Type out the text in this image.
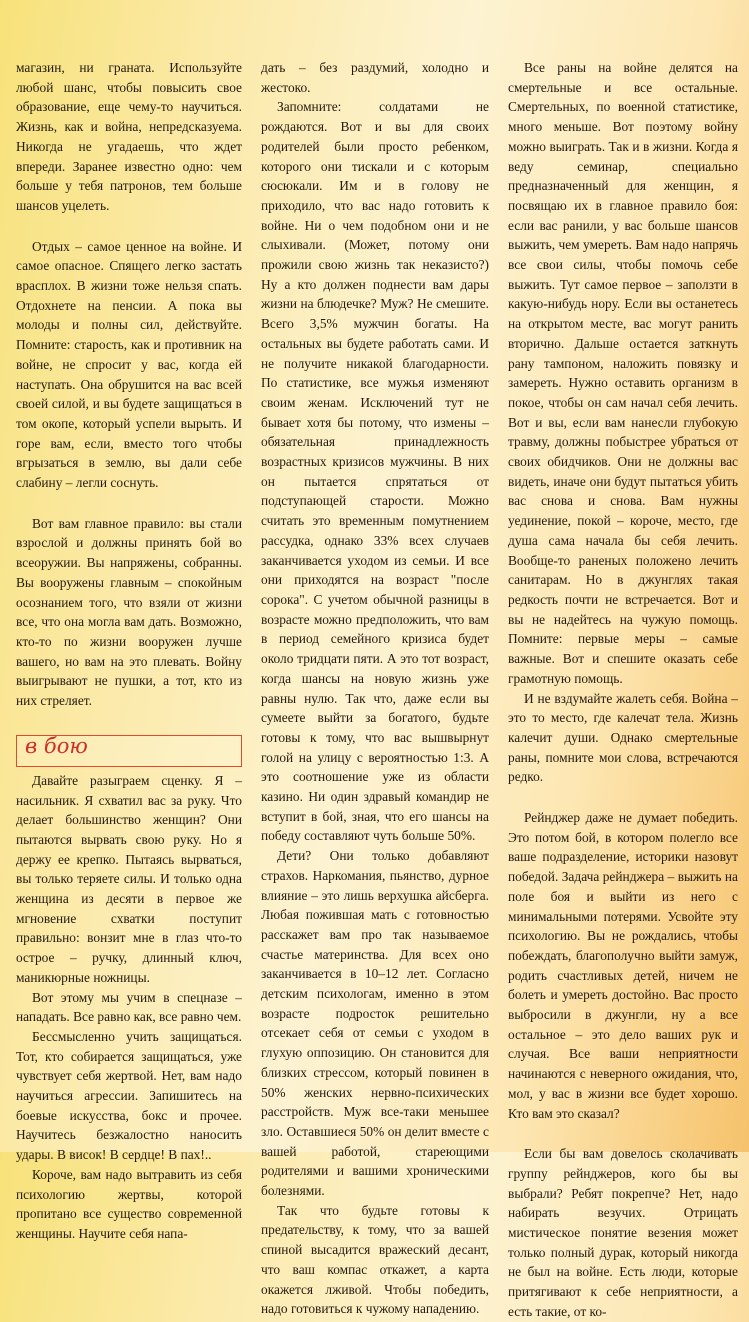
магазин, ни граната. Используйте любой шанс, чтобы повысить свое образование, еще чему-то научиться. Жизнь, как и война, непредсказуема. Никогда не угадаешь, что ждет впереди. Заранее известно одно: чем больше у тебя патронов, тем больше шансов уцелеть.

Отдых – самое ценное на войне. И самое опасное. Спящего легко застать врасплох. В жизни тоже нельзя спать. Отдохнете на пенсии. А пока вы молоды и полны сил, действуйте. Помните: старость, как и противник на войне, не спросит у вас, когда ей наступать. Она обрушится на вас всей своей силой, и вы будете защищаться в том окопе, который успели вырыть. И горе вам, если, вместо того чтобы вгрызаться в землю, вы дали себе слабину – легли соснуть.

Вот вам главное правило: вы стали взрослой и должны принять бой во всеоружии. Вы напряжены, собранны. Вы вооружены главным – спокойным осознанием того, что взяли от жизни все, что она могла вам дать. Возможно, кто-то по жизни вооружен лучше вашего, но вам на это плевать. Войну выигрывают не пушки, а тот, кто из них стреляет.

в бою

Давайте разыграем сценку. Я – насильник. Я схватил вас за руку. Что делает большинство женщин? Они пытаются вырвать свою руку. Но я держу ее крепко. Пытаясь вырваться, вы только теряете силы. И только одна женщина из десяти в первое же мгновение схватки поступит правильно: вонзит мне в глаз что-то острое – ручку, длинный ключ, маникюрные ножницы.

Вот этому мы учим в спецназе – нападать. Все равно как, все равно чем.

Бессмысленно учить защищаться. Тот, кто собирается защищаться, уже чувствует себя жертвой. Нет, вам надо научиться агрессии. Запишитесь на боевые искусства, бокс и прочее. Научитесь безжалостно наносить удары. В висок! В сердце! В пах!..

Короче, вам надо вытравить из себя психологию жертвы, которой пропитано все существо современной женщины. Научите себя напа-

дать – без раздумий, холодно и жестоко.

Запомните: солдатами не рождаются. Вот и вы для своих родителей были просто ребенком, которого они тискали и с которым сюсюкали. Им и в голову не приходило, что вас надо готовить к войне. Ни о чем подобном они и не слыхивали. (Может, потому они прожили свою жизнь так неказисто?) Ну а кто должен поднести вам дары жизни на блюдечке? Муж? Не смешите. Всего 3,5% мужчин богаты. На остальных вы будете работать сами. И не получите никакой благодарности. По статистике, все мужья изменяют своим женам. Исключений тут не бывает хотя бы потому, что измены – обязательная принадлежность возрастных кризисов мужчины. В них он пытается спрятаться от подступающей старости. Можно считать это временным помутнением рассудка, однако 33% всех случаев заканчивается уходом из семьи. И все они приходятся на возраст "после сорока". С учетом обычной разницы в возрасте можно предположить, что вам в период семейного кризиса будет около тридцати пяти. А это тот возраст, когда шансы на новую жизнь уже равны нулю. Так что, даже если вы сумеете выйти за богатого, будьте готовы к тому, что вас вышвырнут голой на улицу с вероятностью 1:3. А это соотношение уже из области казино. Ни один здравый командир не вступит в бой, зная, что его шансы на победу составляют чуть больше 50%.

Дети? Они только добавляют страхов. Наркомания, пьянство, дурное влияние – это лишь верхушка айсберга. Любая пожившая мать с готовностью расскажет вам про так называемое счастье материнства. Для всех оно заканчивается в 10–12 лет. Согласно детским психологам, именно в этом возрасте подросток решительно отсекает себя от семьи с уходом в глухую оппозицию. Он становится для близких стрессом, который повинен в 50% женских нервно-психических расстройств. Муж все-таки меньшее зло. Оставшиеся 50% он делит вместе с вашей работой, стареющими родителями и вашими хроническими болезнями.

Так что будьте готовы к предательству, к тому, что за вашей спиной высадится вражеский десант, что ваш компас откажет, а карта окажется лживой. Чтобы победить, надо готовиться к чужому нападению.

Все раны на войне делятся на смертельные и все остальные. Смертельных, по военной статистике, много меньше. Вот поэтому войну можно выиграть. Так и в жизни. Когда я веду семинар, специально предназначенный для женщин, я посвящаю их в главное правило боя: если вас ранили, у вас больше шансов выжить, чем умереть. Вам надо напрячь все свои силы, чтобы помочь себе выжить. Тут самое первое – заползти в какую-нибудь нору. Если вы останетесь на открытом месте, вас могут ранить вторично. Дальше остается заткнуть рану тампоном, наложить повязку и замереть. Нужно оставить организм в покое, чтобы он сам начал себя лечить. Вот и вы, если вам нанесли глубокую травму, должны побыстрее убраться от своих обидчиков. Они не должны вас видеть, иначе они будут пытаться убить вас снова и снова. Вам нужны уединение, покой – короче, место, где душа сама начала бы себя лечить. Вообще-то раненых положено лечить санитарам. Но в джунглях такая редкость почти не встречается. Вот и вы не надейтесь на чужую помощь. Помните: первые меры – самые важные. Вот и спешите оказать себе грамотную помощь.

И не вздумайте жалеть себя. Война – это то место, где калечат тела. Жизнь калечит души. Однако смертельные раны, помните мои слова, встречаются редко.

Рейнджер даже не думает победить. Это потом бой, в котором полегло все ваше подразделение, историки назовут победой. Задача рейнджера – выжить на поле боя и выйти из него с минимальными потерями. Усвойте эту психологию. Вы не рождались, чтобы побеждать, благополучно выйти замуж, родить счастливых детей, ничем не болеть и умереть достойно. Вас просто выбросили в джунгли, ну а все остальное – это дело ваших рук и случая. Все ваши неприятности начинаются с неверного ожидания, что, мол, у вас в жизни все будет хорошо. Кто вам это сказал?

Если бы вам довелось сколачивать группу рейнджеров, кого бы вы выбрали? Ребят покрепче? Нет, надо набирать везучих. Отрицать мистическое понятие везения может только полный дурак, который никогда не был на войне. Есть люди, которые притягивают к себе неприятности, а есть такие, от ко-
